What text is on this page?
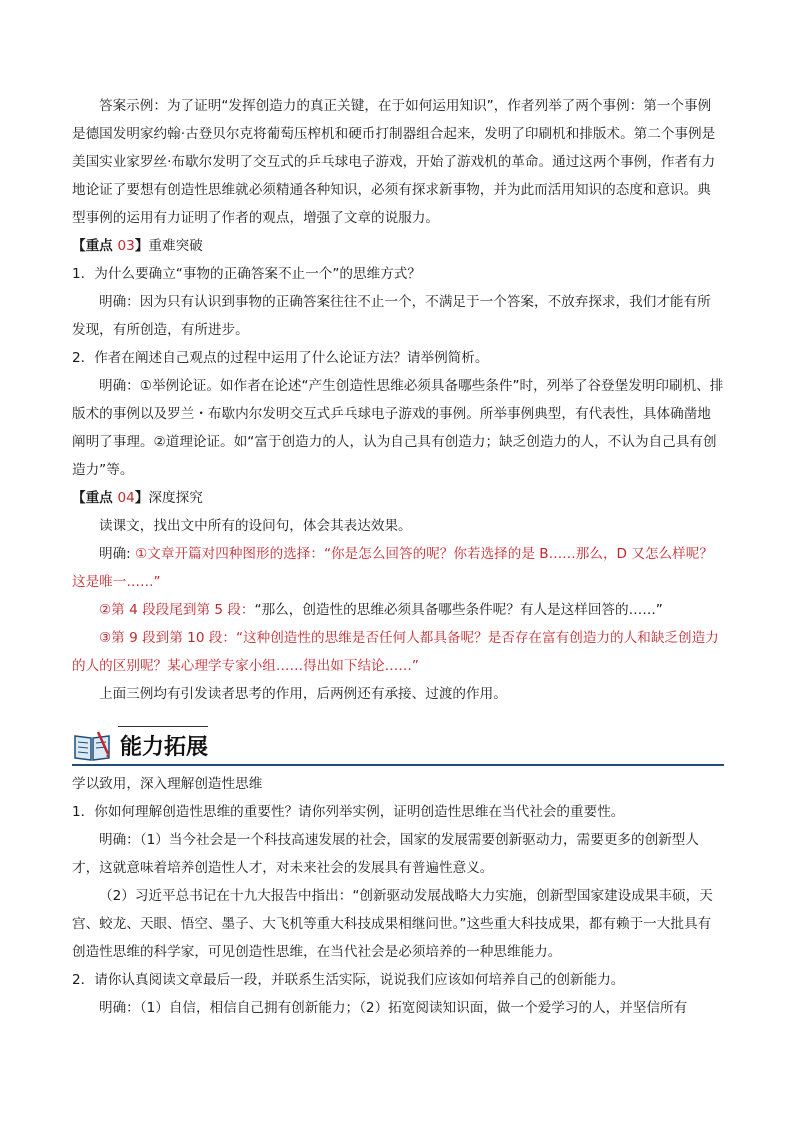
答案示例：为了证明“发挥创造力的真正关键，在于如何运用知识”，作者列举了两个事例：第一个事例是德国发明家约翰·古登贝尔克将葡萄压榨机和硬币打制器组合起来，发明了印刷机和排版术。第二个事例是美国实业家罗丝·布歇尔发明了交互式的乒乓球电子游戏，开始了游戏机的革命。通过这两个事例，作者有力地论证了要想有创造性思维就必须精通各种知识，必须有探求新事物，并为此而活用知识的态度和意识。典型事例的运用有力证明了作者的观点，增强了文章的说服力。

【重点 03】重难突破

1．为什么要确立“事物的正确答案不止一个”的思维方式？

明确：因为只有认识到事物的正确答案往往不止一个，不满足于一个答案，不放弃探求，我们才能有所发现，有所创造，有所进步。

2．作者在阐述自己观点的过程中运用了什么论证方法？请举例简析。

明确：①举例论证。如作者在论述“产生创造性思维必须具备哪些条件”时，列举了谷登堡发明印刷机、排版术的事例以及罗兰・布歇内尔发明交互式乒乓球电子游戏的事例。所举事例典型，有代表性，具体确凿地阐明了事理。②道理论证。如“富于创造力的人，认为自己具有创造力；缺乏创造力的人，不认为自己具有创造力”等。

【重点 04】深度探究

读课文，找出文中所有的设问句，体会其表达效果。

明确: ①文章开篇对四种图形的选择：“你是怎么回答的呢？你若选择的是 B……那么，D 又怎么样呢？这是唯一……”

②第 4 段段尾到第 5 段：“那么，创造性的思维必须具备哪些条件呢？有人是这样回答的……”

③第 9 段到第 10 段：“这种创造性的思维是否任何人都具备呢？是否存在富有创造力的人和缺乏创造力的人的区别呢？某心理学专家小组……得出如下结论……”

上面三例均有引发读者思考的作用，后两例还有承接、过渡的作用。

能力拓展

学以致用，深入理解创造性思维

1．你如何理解创造性思维的重要性？请你列举实例，证明创造性思维在当代社会的重要性。

明确：（1）当今社会是一个科技高速发展的社会，国家的发展需要创新驱动力，需要更多的创新型人才，这就意味着培养创造性人才，对未来社会的发展具有普遍性意义。

（2）习近平总书记在十九大报告中指出：“创新驱动发展战略大力实施，创新型国家建设成果丰硕，天宫、蛟龙、天眼、悟空、墨子、大飞机等重大科技成果相继问世。”这些重大科技成果，都有赖于一大批具有创造性思维的科学家，可见创造性思维，在当代社会是必须培养的一种思维能力。

2．请你认真阅读文章最后一段，并联系生活实际，说说我们应该如何培养自己的创新能力。

明确：（1）自信，相信自己拥有创新能力；（2）拓宽阅读知识面，做一个爱学习的人，并坚信所有
